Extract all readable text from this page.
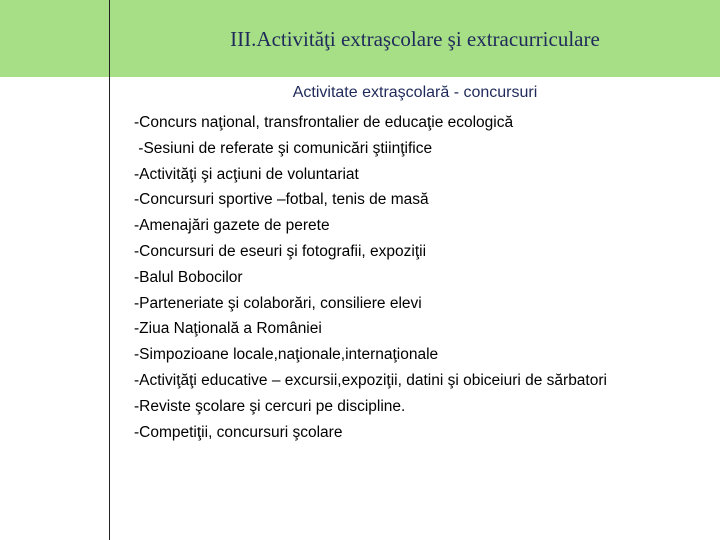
III.Activităţi extraşcolare şi extracurriculare
Activitate extraşcolară - concursuri
-Concurs naţional, transfrontalier de educaţie ecologică
-Sesiuni de referate şi comunicări ştiinţifice
-Activităţi şi acţiuni de voluntariat
-Concursuri sportive –fotbal, tenis de masă
-Amenajări gazete de perete
-Concursuri de eseuri şi fotografii, expoziţii
-Balul Bobocilor
-Parteneriate şi colaborări, consiliere elevi
-Ziua Naţională a României
-Simpozioane locale,naţionale,internaţionale
-Activiţăţi educative – excursii,expoziţii, datini şi obiceiuri de sărbatori
-Reviste şcolare şi cercuri pe discipline.
-Competiţii, concursuri şcolare
